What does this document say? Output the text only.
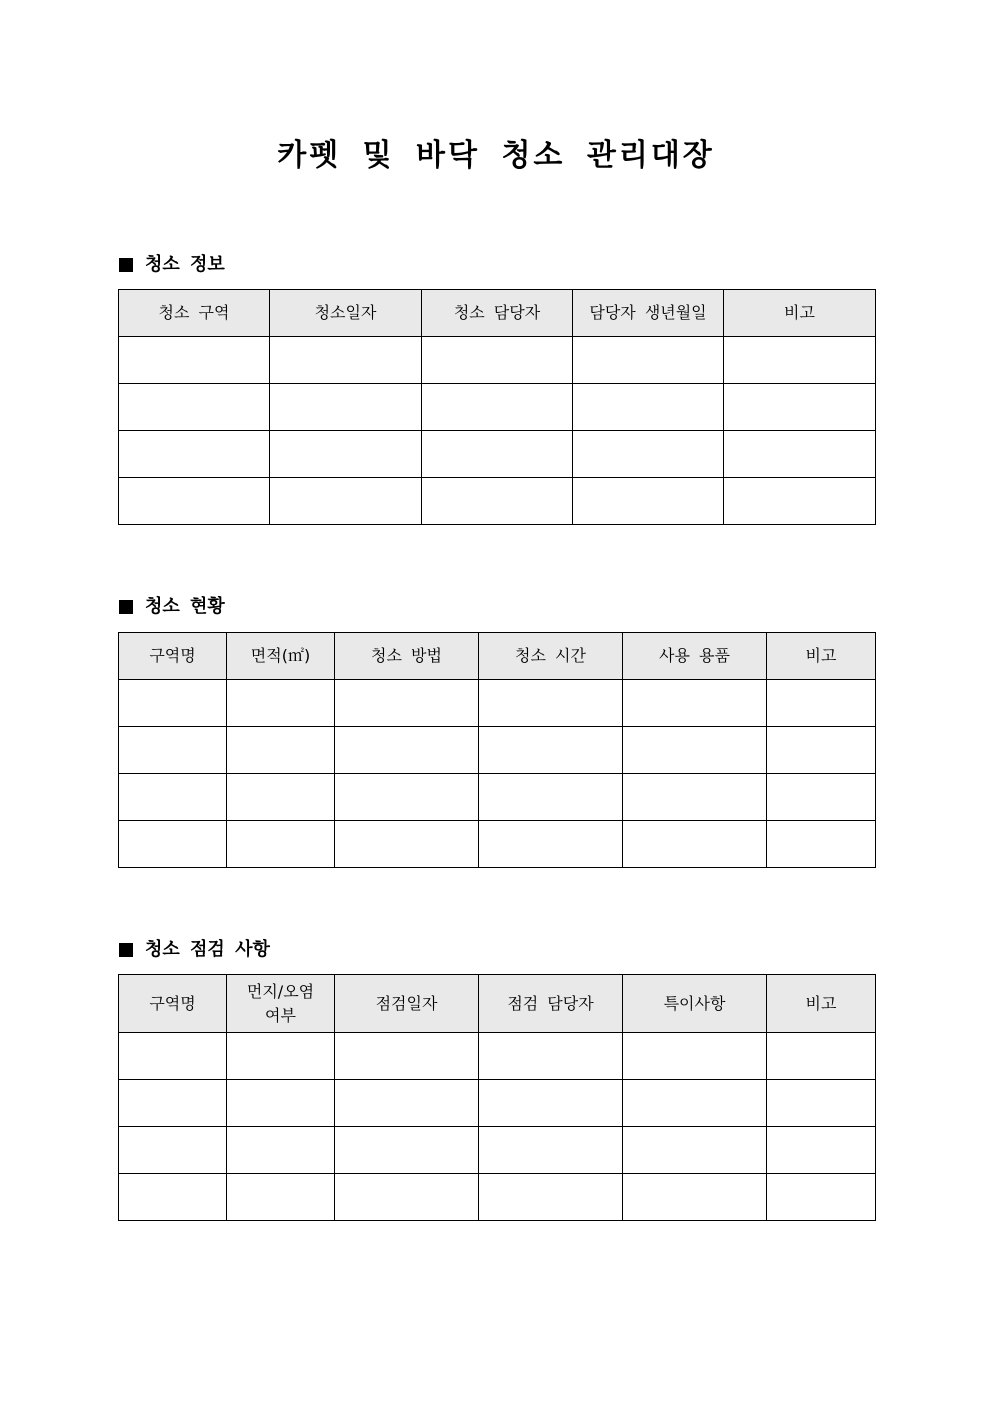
카펫 및 바닥 청소 관리대장
청소 정보
청소 구역	청소일자	청소 담당자	담당자 생년월일	비고

청소 현황
구역명	면적(㎡)	청소 방법	청소 시간	사용 용품	비고

청소 점검 사항
구역명	먼지/오염 여부	점검일자	점검 담당자	특이사항	비고
